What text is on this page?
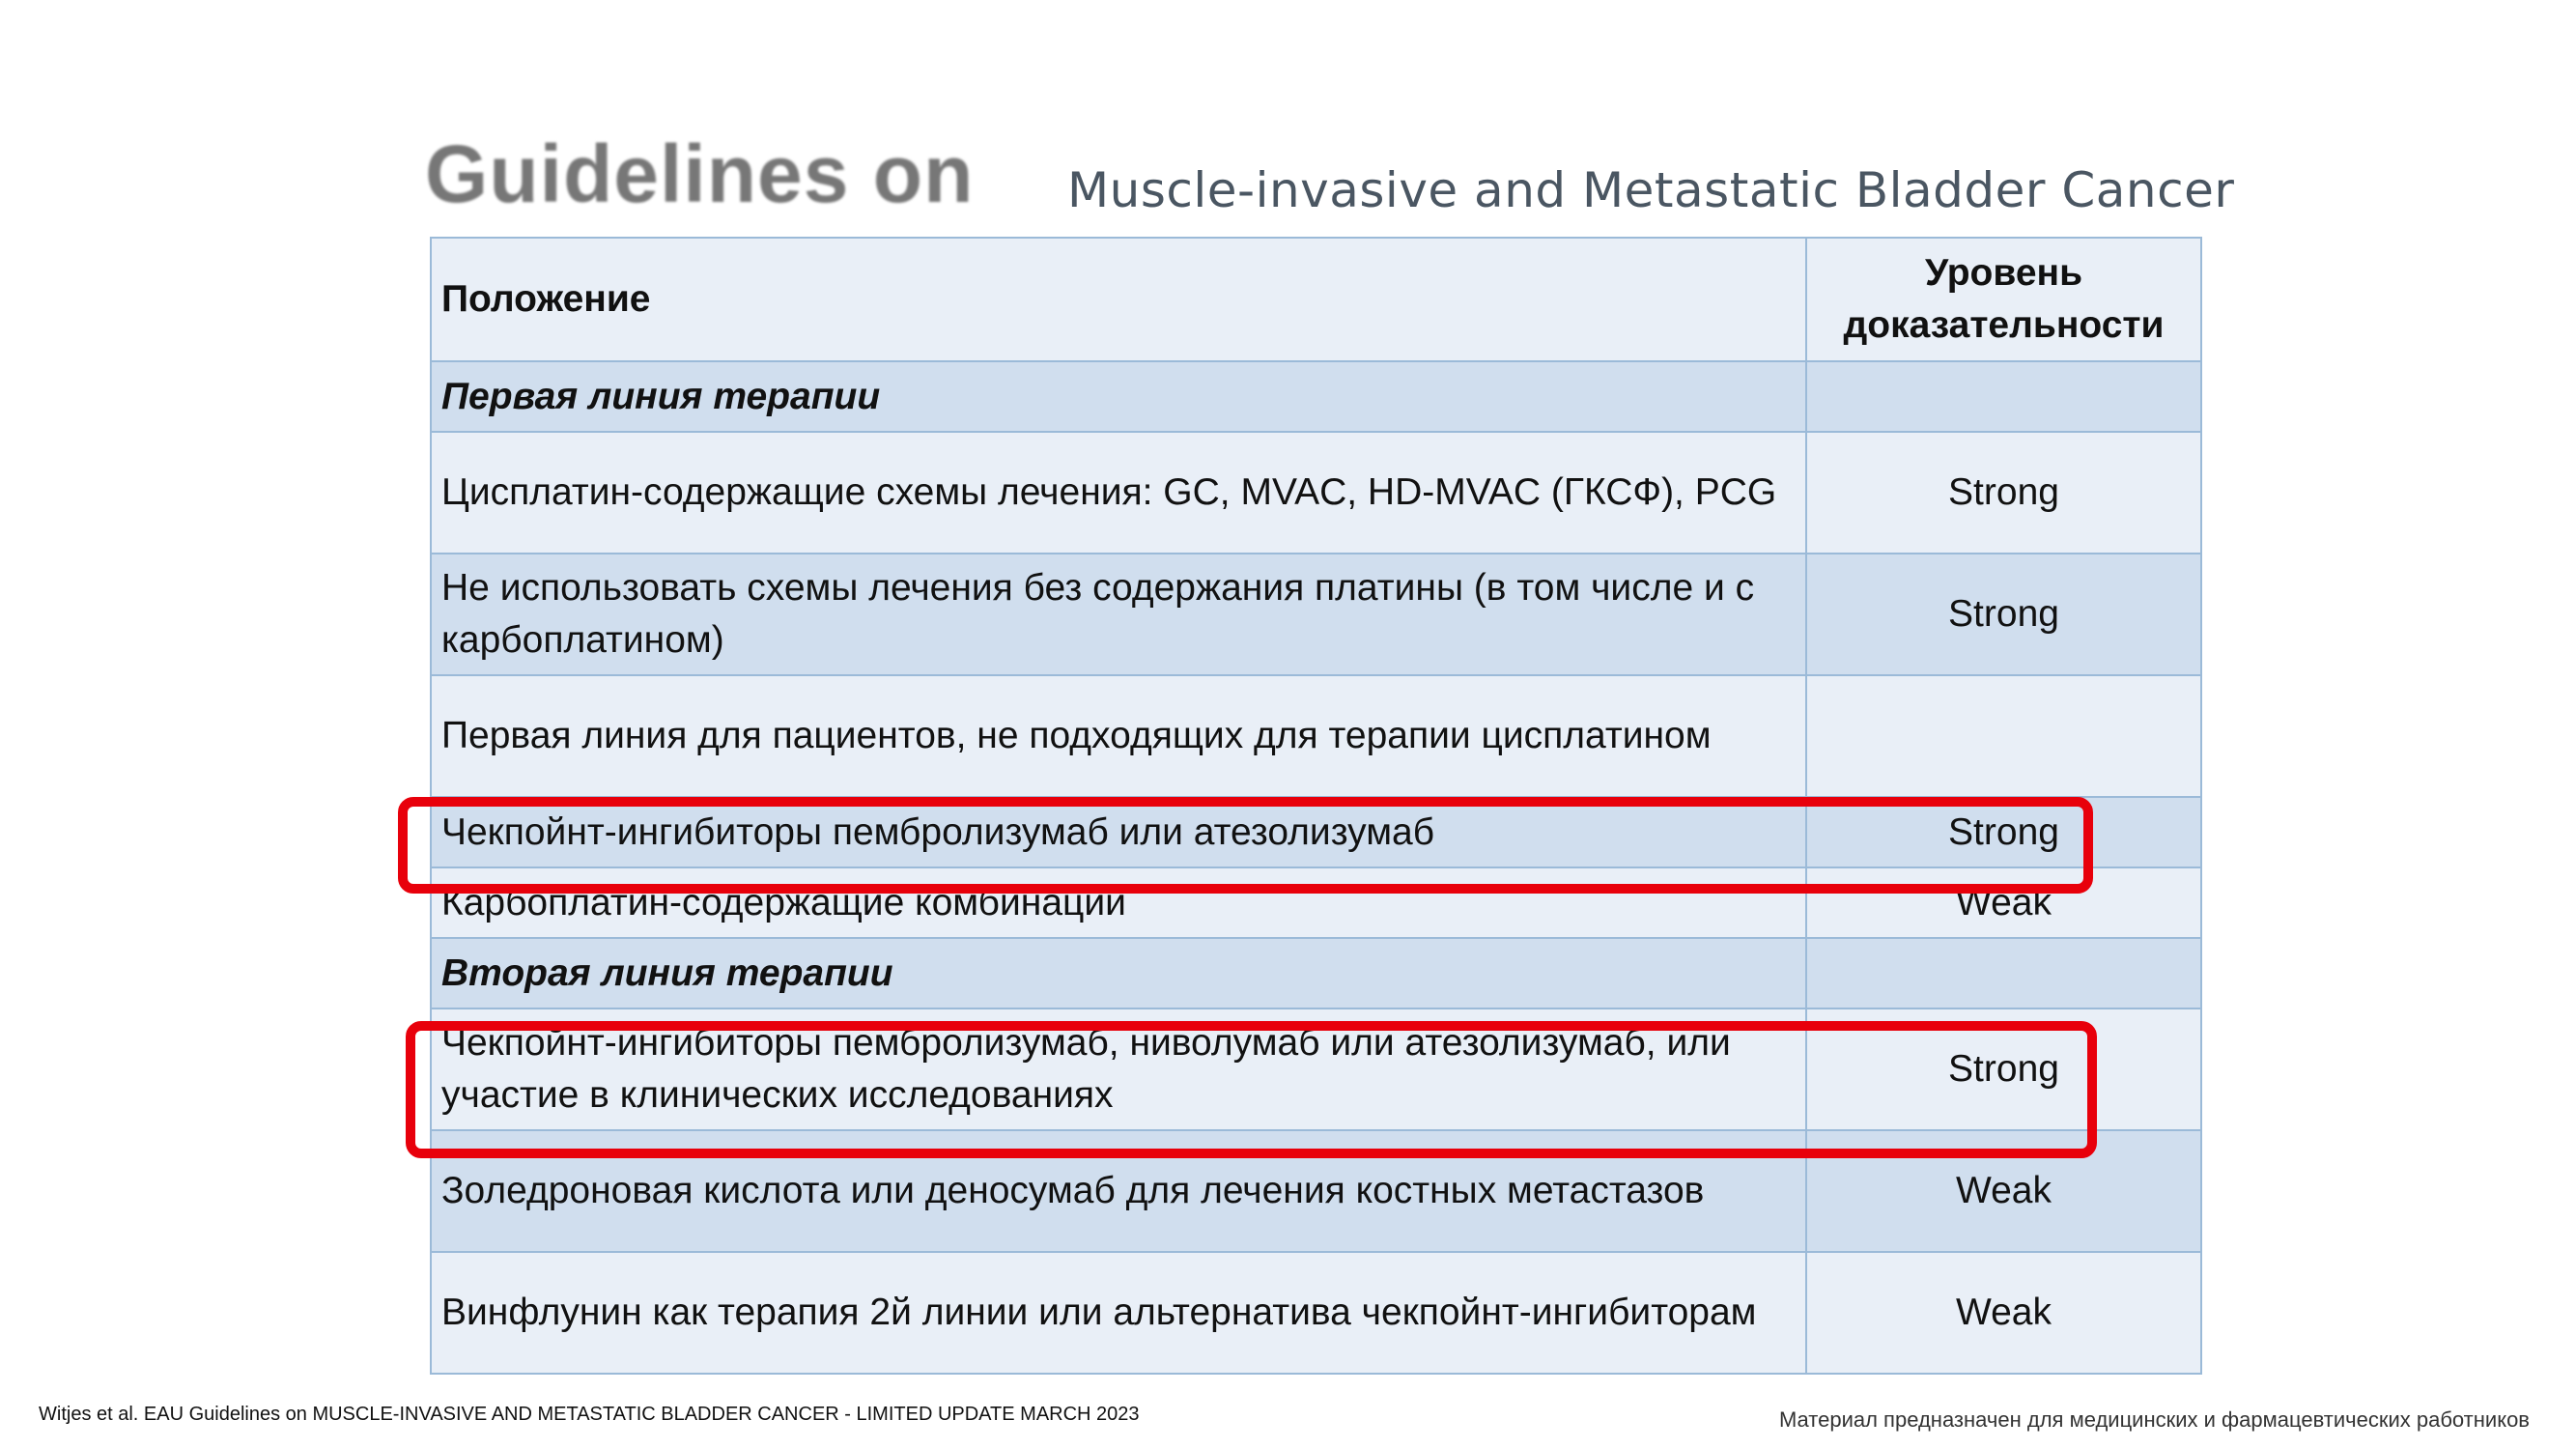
Guidelines on Muscle-invasive and Metastatic Bladder Cancer
Положение	Уровень
доказательности
Первая линия терапии	
Цисплатин-содержащие схемы лечения: GC, MVAC, HD-MVAC (ГКСФ), PCG	Strong
Не использовать схемы лечения без содержания платины (в том числе и с карбоплатином)	Strong
Первая линия для пациентов, не подходящих для терапии цисплатином	
Чекпойнт-ингибиторы пембролизумаб или атезолизумаб	Strong
Карбоплатин-содержащие комбинации	Weak
Вторая линия терапии	
Чекпойнт-ингибиторы пембролизумаб, ниволумаб или атезолизумаб, или участие в клинических исследованиях	Strong
Золедроновая кислота или деносумаб для лечения костных метастазов	Weak
Винфлунин как терапия 2й линии или альтернатива чекпойнт-ингибиторам	Weak
Witjes et al. EAU Guidelines on MUSCLE-INVASIVE AND METASTATIC BLADDER CANCER - LIMITED UPDATE MARCH 2023	Материал предназначен для медицинских и фармацевтических работников
